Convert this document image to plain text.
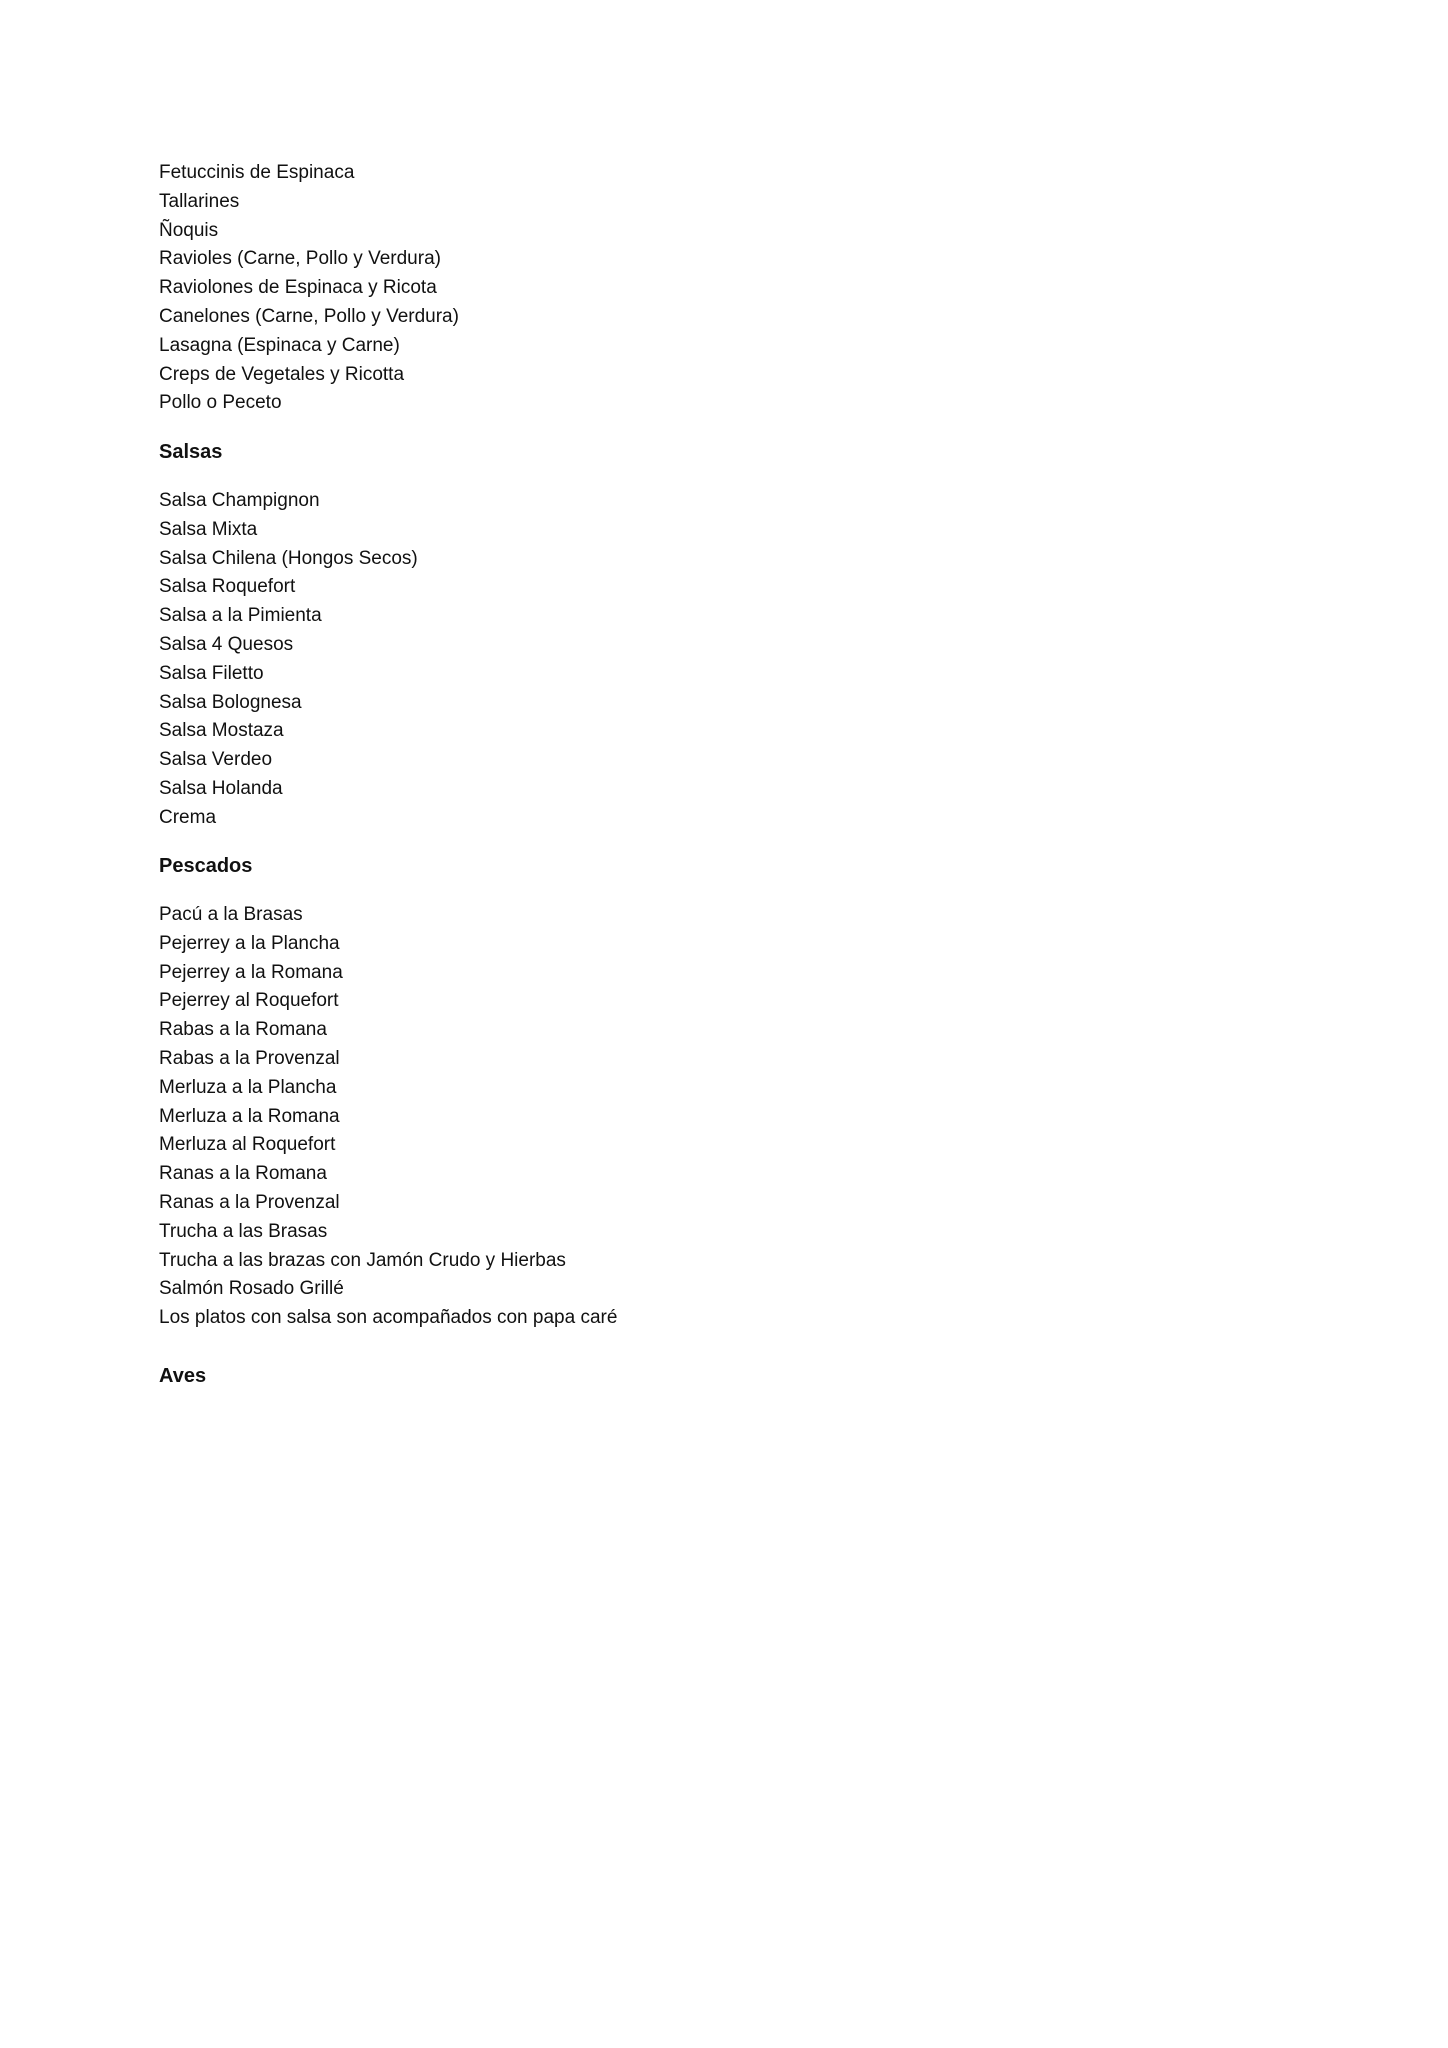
Fetuccinis de Espinaca
Tallarines
Ñoquis
Ravioles (Carne, Pollo y Verdura)
Raviolones de Espinaca y Ricota
Canelones (Carne, Pollo y Verdura)
Lasagna (Espinaca y Carne)
Creps de Vegetales y Ricotta
Pollo o Peceto
Salsas
Salsa Champignon
Salsa Mixta
Salsa Chilena (Hongos Secos)
Salsa Roquefort
Salsa a la Pimienta
Salsa 4 Quesos
Salsa Filetto
Salsa Bolognesa
Salsa Mostaza
Salsa Verdeo
Salsa Holanda
Crema
Pescados
Pacú a la Brasas
Pejerrey a la Plancha
Pejerrey a la Romana
Pejerrey al Roquefort
Rabas a la Romana
Rabas a la Provenzal
Merluza a la Plancha
Merluza a la Romana
Merluza al Roquefort
Ranas a la Romana
Ranas a la Provenzal
Trucha a las Brasas
Trucha a las brazas con Jamón Crudo y Hierbas
Salmón Rosado Grillé
Los platos con salsa son acompañados con papa caré
Aves
